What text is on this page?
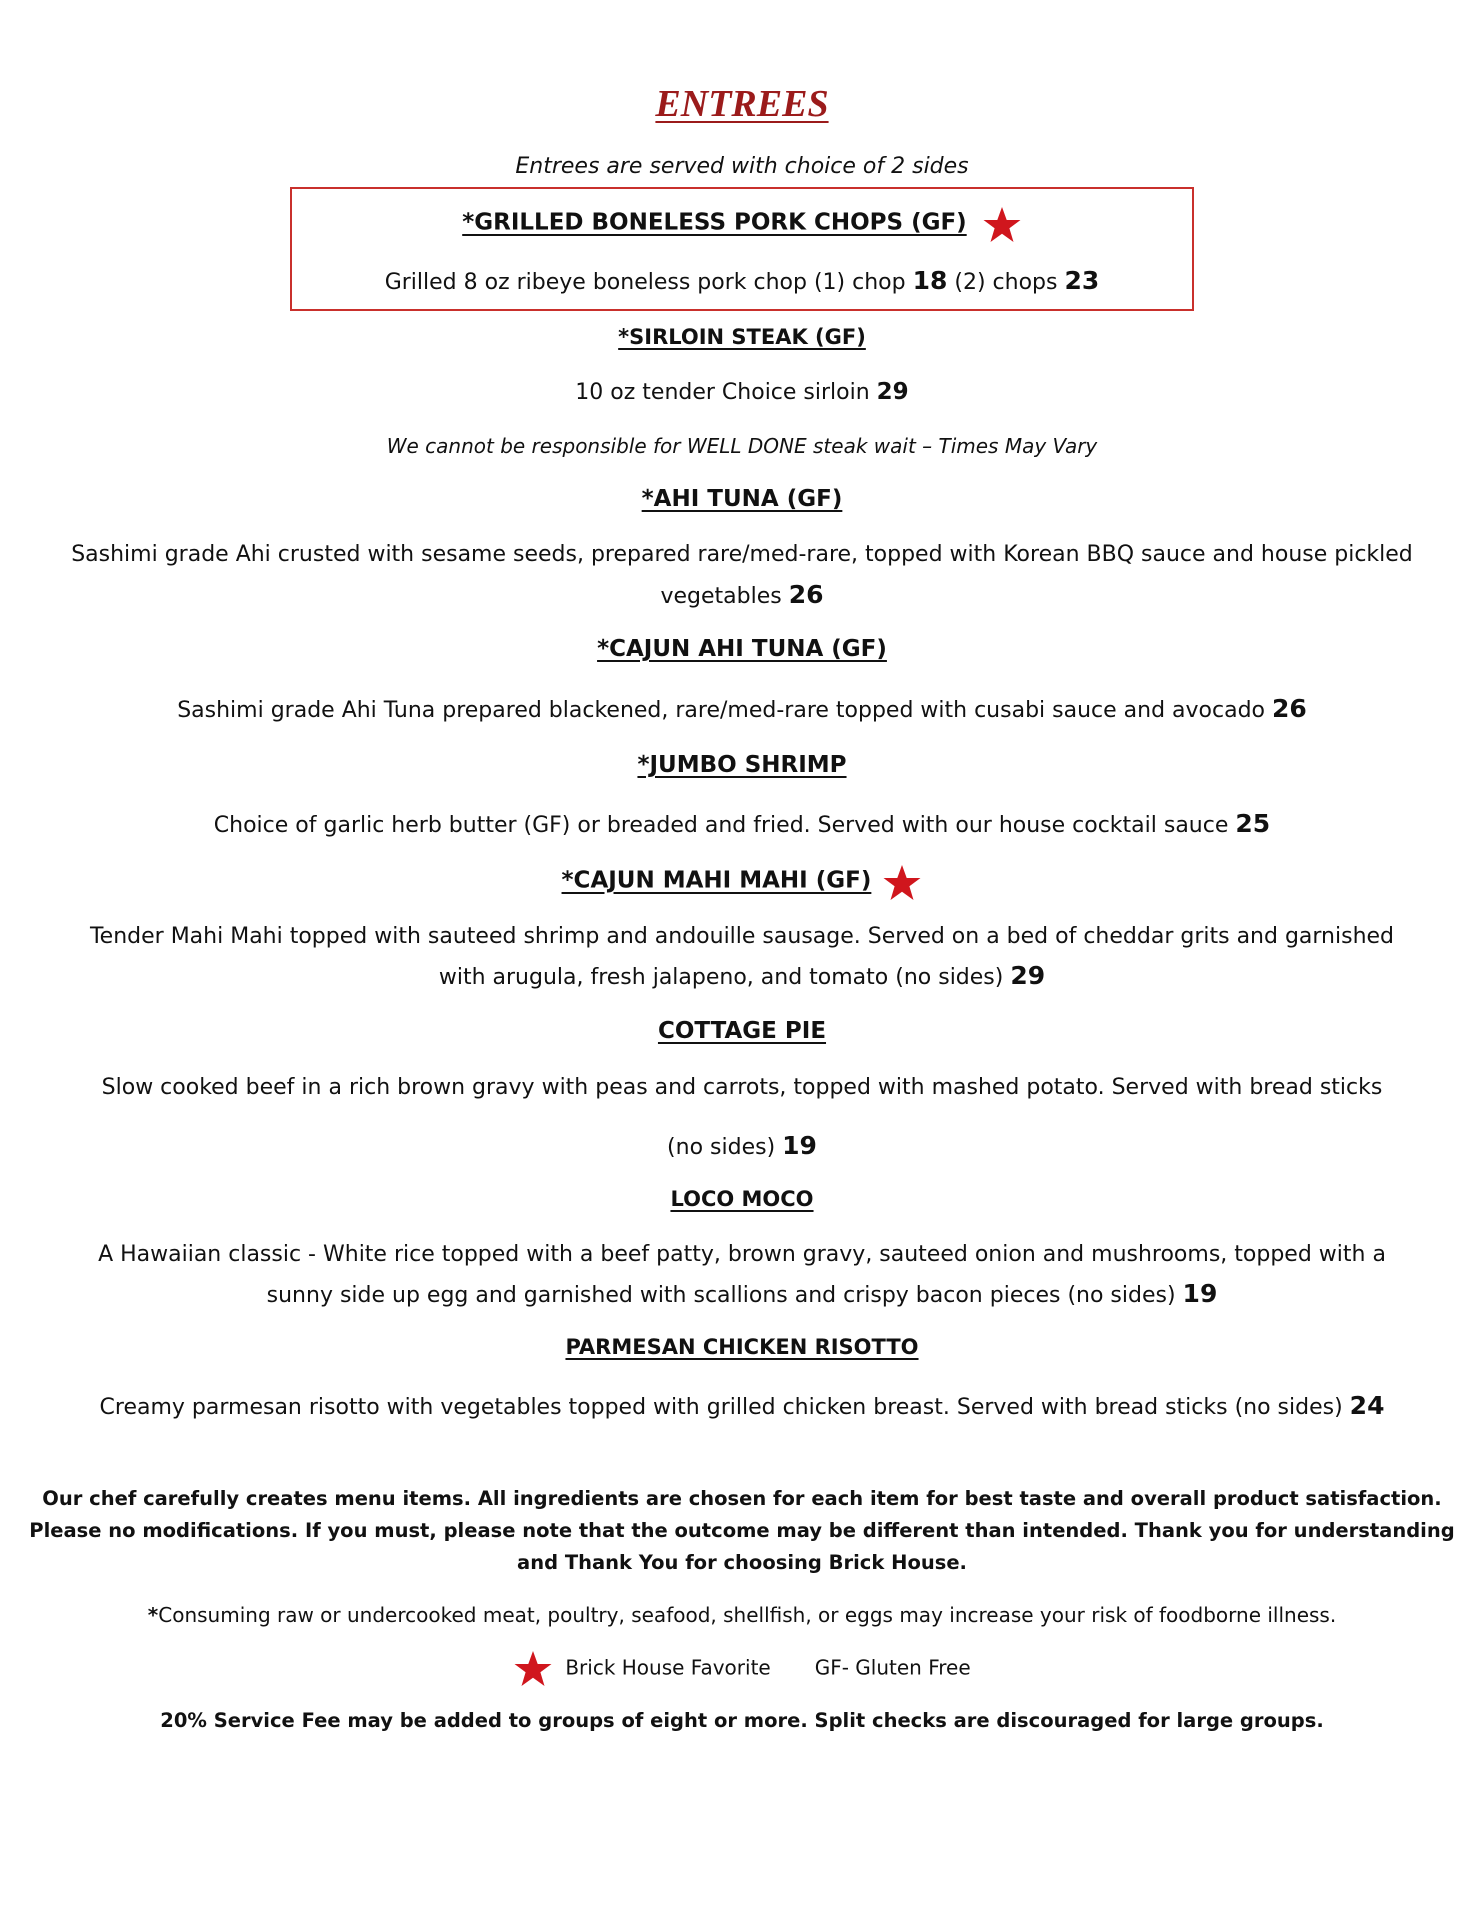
ENTREES
Entrees are served with choice of 2 sides
*GRILLED BONELESS PORK CHOPS (GF)
Grilled 8 oz ribeye boneless pork chop (1) chop 18 (2) chops 23
*SIRLOIN STEAK (GF)
10 oz tender Choice sirloin 29
We cannot be responsible for WELL DONE steak wait – Times May Vary
*AHI TUNA (GF)
Sashimi grade Ahi crusted with sesame seeds, prepared rare/med-rare, topped with Korean BBQ sauce and house pickled
vegetables 26
*CAJUN AHI TUNA (GF)
Sashimi grade Ahi Tuna prepared blackened, rare/med-rare topped with cusabi sauce and avocado 26
*JUMBO SHRIMP
Choice of garlic herb butter (GF) or breaded and fried. Served with our house cocktail sauce 25
*CAJUN MAHI MAHI (GF)
Tender Mahi Mahi topped with sauteed shrimp and andouille sausage. Served on a bed of cheddar grits and garnished
with arugula, fresh jalapeno, and tomato (no sides) 29
COTTAGE PIE
Slow cooked beef in a rich brown gravy with peas and carrots, topped with mashed potato. Served with bread sticks
(no sides) 19
LOCO MOCO
A Hawaiian classic - White rice topped with a beef patty, brown gravy, sauteed onion and mushrooms, topped with a
sunny side up egg and garnished with scallions and crispy bacon pieces (no sides) 19
PARMESAN CHICKEN RISOTTO
Creamy parmesan risotto with vegetables topped with grilled chicken breast. Served with bread sticks (no sides) 24
Our chef carefully creates menu items. All ingredients are chosen for each item for best taste and overall product satisfaction.
Please no modifications. If you must, please note that the outcome may be different than intended. Thank you for understanding
and Thank You for choosing Brick House.
*Consuming raw or undercooked meat, poultry, seafood, shellfish, or eggs may increase your risk of foodborne illness.
Brick House Favorite GF- Gluten Free
20% Service Fee may be added to groups of eight or more. Split checks are discouraged for large groups.
